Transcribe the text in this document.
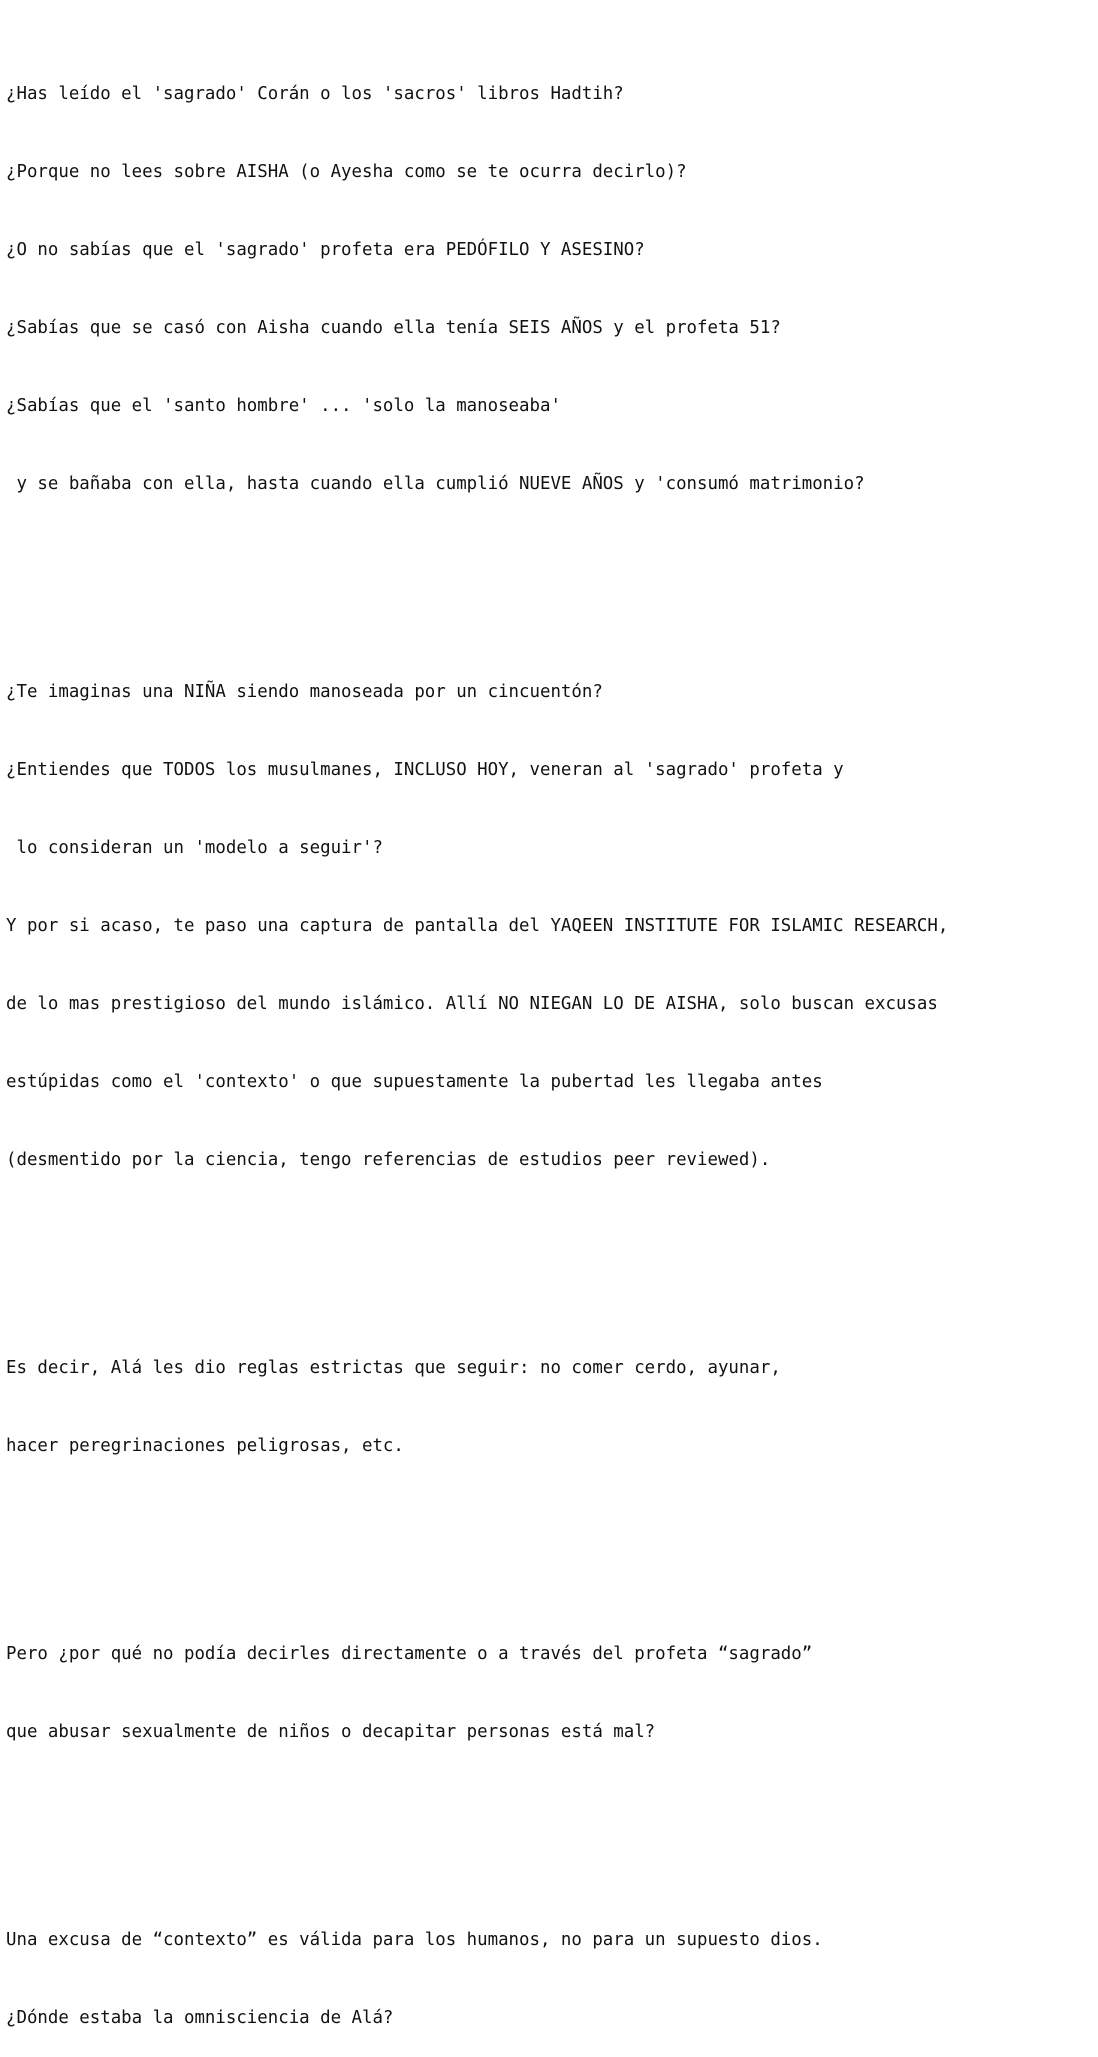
¿Has leído el 'sagrado' Corán o los 'sacros' libros Hadtih?

¿Porque no lees sobre AISHA (o Ayesha como se te ocurra decirlo)?

¿O no sabías que el 'sagrado' profeta era PEDÓFILO Y ASESINO?

¿Sabías que se casó con Aisha cuando ella tenía SEIS AÑOS y el profeta 51?

¿Sabías que el 'santo hombre' ... 'solo la manoseaba'

y se bañaba con ella, hasta cuando ella cumplió NUEVE AÑOS y 'consumó matrimonio?

¿Te imaginas una NIÑA siendo manoseada por un cincuentón?

¿Entiendes que TODOS los musulmanes, INCLUSO HOY, veneran al 'sagrado' profeta y

lo consideran un 'modelo a seguir'?

Y por si acaso, te paso una captura de pantalla del YAQEEN INSTITUTE FOR ISLAMIC RESEARCH,

de lo mas prestigioso del mundo islámico. Allí NO NIEGAN LO DE AISHA, solo buscan excusas

estúpidas como el 'contexto' o que supuestamente la pubertad les llegaba antes

(desmentido por la ciencia, tengo referencias de estudios peer reviewed).

Es decir, Alá les dio reglas estrictas que seguir: no comer cerdo, ayunar,

hacer peregrinaciones peligrosas, etc.

Pero ¿por qué no podía decirles directamente o a través del profeta “sagrado”

que abusar sexualmente de niños o decapitar personas está mal?

Una excusa de “contexto” es válida para los humanos, no para un supuesto dios.

¿Dónde estaba la omnisciencia de Alá?
